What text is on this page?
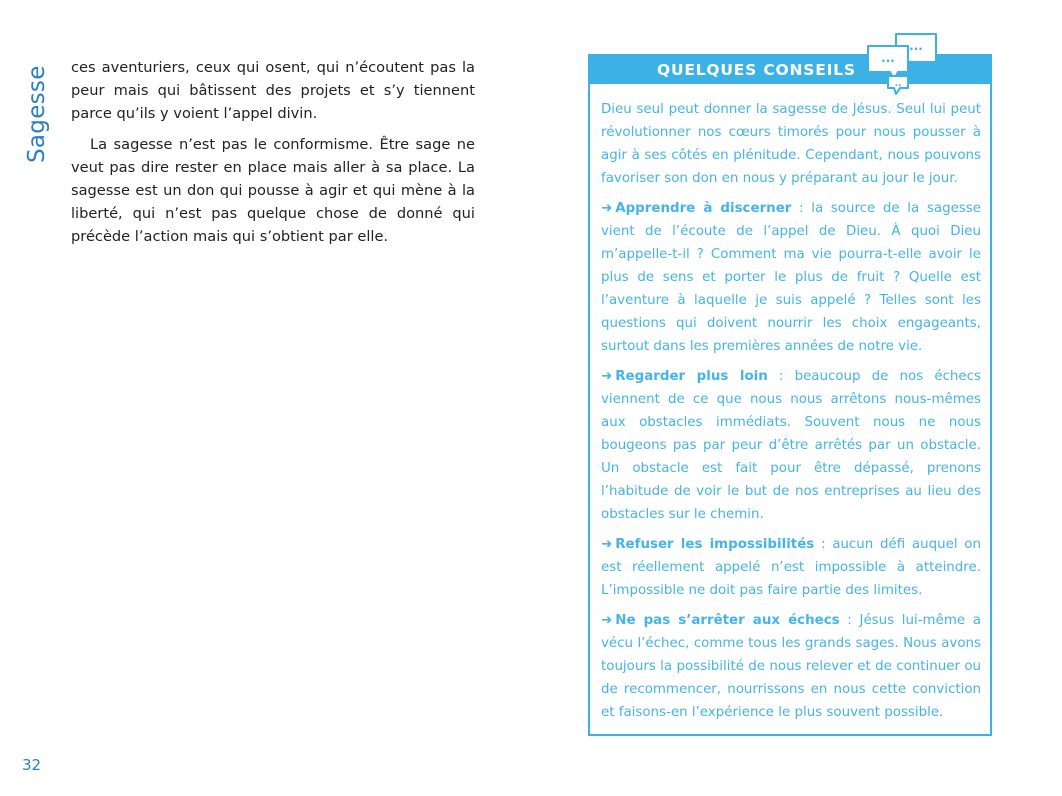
Sagesse ces aventuriers, ceux qui osent, qui n’écoutent pas la peur mais qui bâtissent des projets et s’y tiennent parce qu’ils y voient l’appel divin.

La sagesse n’est pas le conformisme. Être sage ne veut pas dire rester en place mais aller à sa place. La sagesse est un don qui pousse à agir et qui mène à la liberté, qui n’est pas quelque chose de donné qui précède l’action mais qui s’obtient par elle.

QUELQUES CONSEILS
...
...
..

Dieu seul peut donner la sagesse de Jésus. Seul lui peut révolutionner nos cœurs timorés pour nous pousser à agir à ses côtés en plénitude. Cependant, nous pouvons favoriser son don en nous y préparant au jour le jour.

➜ Apprendre à discerner : la source de la sagesse vient de l’écoute de l’appel de Dieu. À quoi Dieu m’appelle-t-il ? Comment ma vie pourra-t-elle avoir le plus de sens et porter le plus de fruit ? Quelle est l’aventure à laquelle je suis appelé ? Telles sont les questions qui doivent nourrir les choix engageants, surtout dans les premières années de notre vie.

➜ Regarder plus loin : beaucoup de nos échecs viennent de ce que nous nous arrêtons nous-mêmes aux obstacles immédiats. Souvent nous ne nous bougeons pas par peur d’être arrêtés par un obstacle. Un obstacle est fait pour être dépassé, prenons l’habitude de voir le but de nos entreprises au lieu des obstacles sur le chemin.

➜ Refuser les impossibilités : aucun défi auquel on est réellement appelé n’est impossible à atteindre. L’impossible ne doit pas faire partie des limites.

➜ Ne pas s’arrêter aux échecs : Jésus lui-même a vécu l’échec, comme tous les grands sages. Nous avons toujours la possibilité de nous relever et de continuer ou de recommencer, nourrissons en nous cette conviction et faisons-en l’expérience le plus souvent possible.

32
